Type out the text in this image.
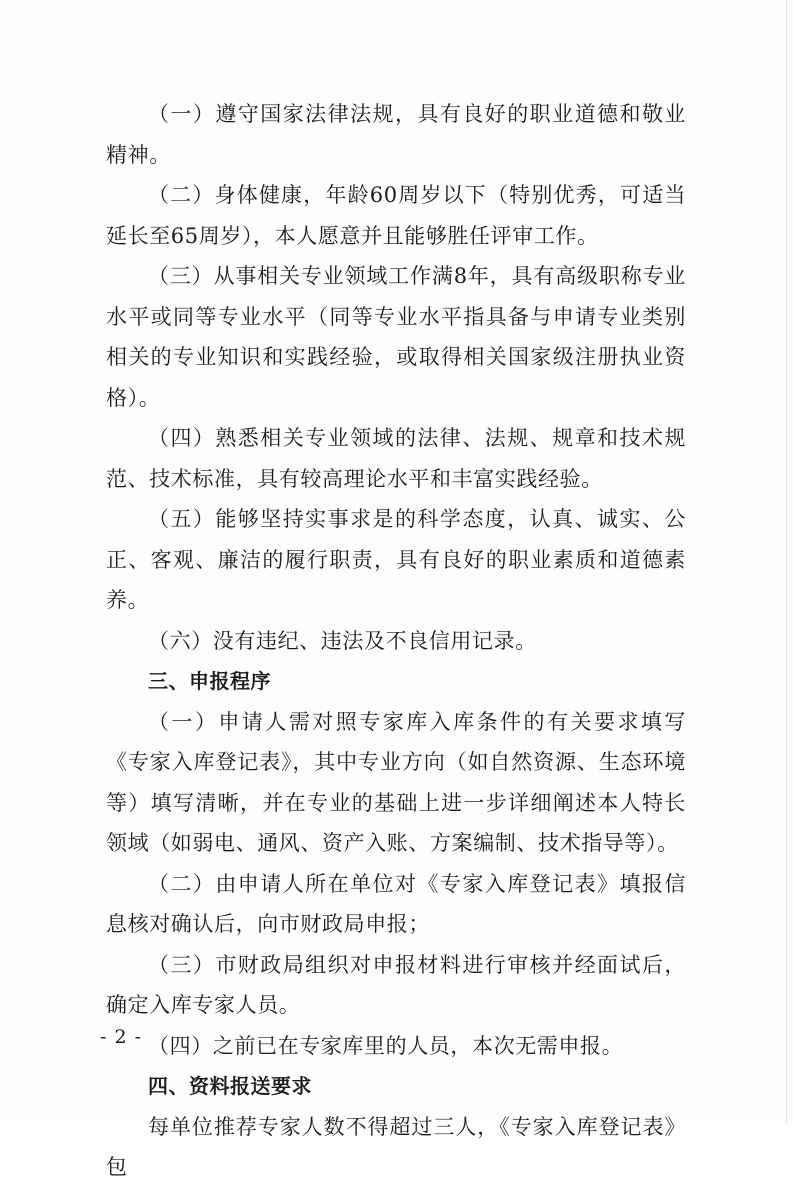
（一）遵守国家法律法规，具有良好的职业道德和敬业精神。

（二）身体健康，年龄60周岁以下（特别优秀，可适当延长至65周岁），本人愿意并且能够胜任评审工作。

（三）从事相关专业领域工作满8年，具有高级职称专业水平或同等专业水平（同等专业水平指具备与申请专业类别相关的专业知识和实践经验，或取得相关国家级注册执业资格）。

（四）熟悉相关专业领域的法律、法规、规章和技术规范、技术标准，具有较高理论水平和丰富实践经验。

（五）能够坚持实事求是的科学态度，认真、诚实、公正、客观、廉洁的履行职责，具有良好的职业素质和道德素养。

（六）没有违纪、违法及不良信用记录。

三、申报程序

（一）申请人需对照专家库入库条件的有关要求填写《专家入库登记表》，其中专业方向（如自然资源、生态环境等）填写清晰，并在专业的基础上进一步详细阐述本人特长领域（如弱电、通风、资产入账、方案编制、技术指导等）。

（二）由申请人所在单位对《专家入库登记表》填报信息核对确认后，向市财政局申报；

（三）市财政局组织对申报材料进行审核并经面试后，确定入库专家人员。

（四）之前已在专家库里的人员，本次无需申报。

四、资料报送要求

每单位推荐专家人数不得超过三人，《专家入库登记表》包

- 2 -
